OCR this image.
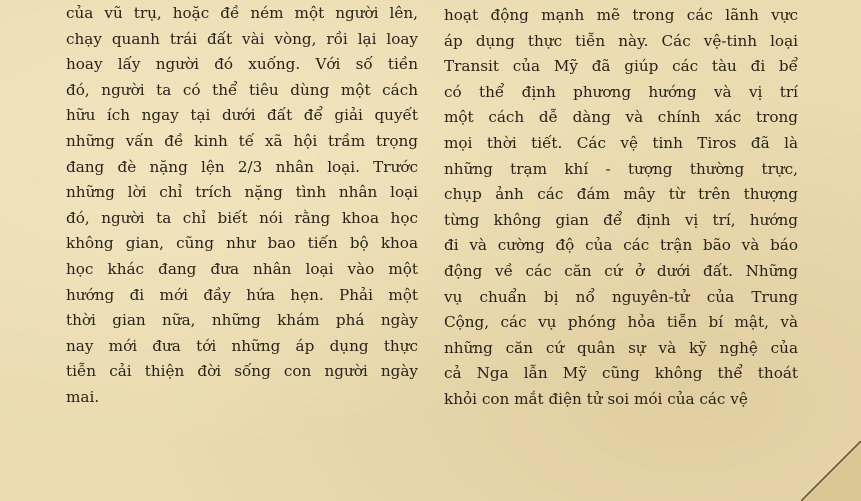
của vũ trụ, hoặc đề ném một người lên,
chạy quanh trái đất vài vòng, rồi lại loay
hoay lấy người đó xuống. Với số tiền
đó, người ta có thể tiêu dùng một cách
hữu ích ngay tại dưới đất để giải quyết
những vấn đề kinh tế xã hội trầm trọng
đang đè nặng lện 2/3 nhân loại. Trước
những lời chỉ trích nặng tình nhân loại
đó, người ta chỉ biết nói rằng khoa học
không gian, cũng như bao tiến bộ khoa
học khác đang đưa nhân loại vào một
hướng đi mới đầy hứa hẹn. Phải một
thời gian nữa, những khám phá ngày
nay mới đưa tới những áp dụng thực
tiễn cải thiện đời sống con người ngày
mai.
hoạt động mạnh mẽ trong các lãnh vực
áp dụng thực tiễn này. Các vệ-tinh loại
Transit của Mỹ đã giúp các tàu đi bể
có thể định phương hướng và vị trí
một cách dễ dàng và chính xác trong
mọi thời tiết. Các vệ tinh Tiros đã là
những trạm khí - tượng thường trực,
chụp ảnh các đám mây từ trên thượng
từng không gian để định vị trí, hướng
đi và cường độ của các trận bão và báo
động về các căn cứ ở dưới đất. Những
vụ chuẩn bị nổ nguyên-tử của Trung
Cộng, các vụ phóng hỏa tiễn bí mật, và
những căn cứ quân sự và kỹ nghệ của
cả Nga lẫn Mỹ cũng không thể thoát
khỏi con mắt điện tử soi mói của các vệ
